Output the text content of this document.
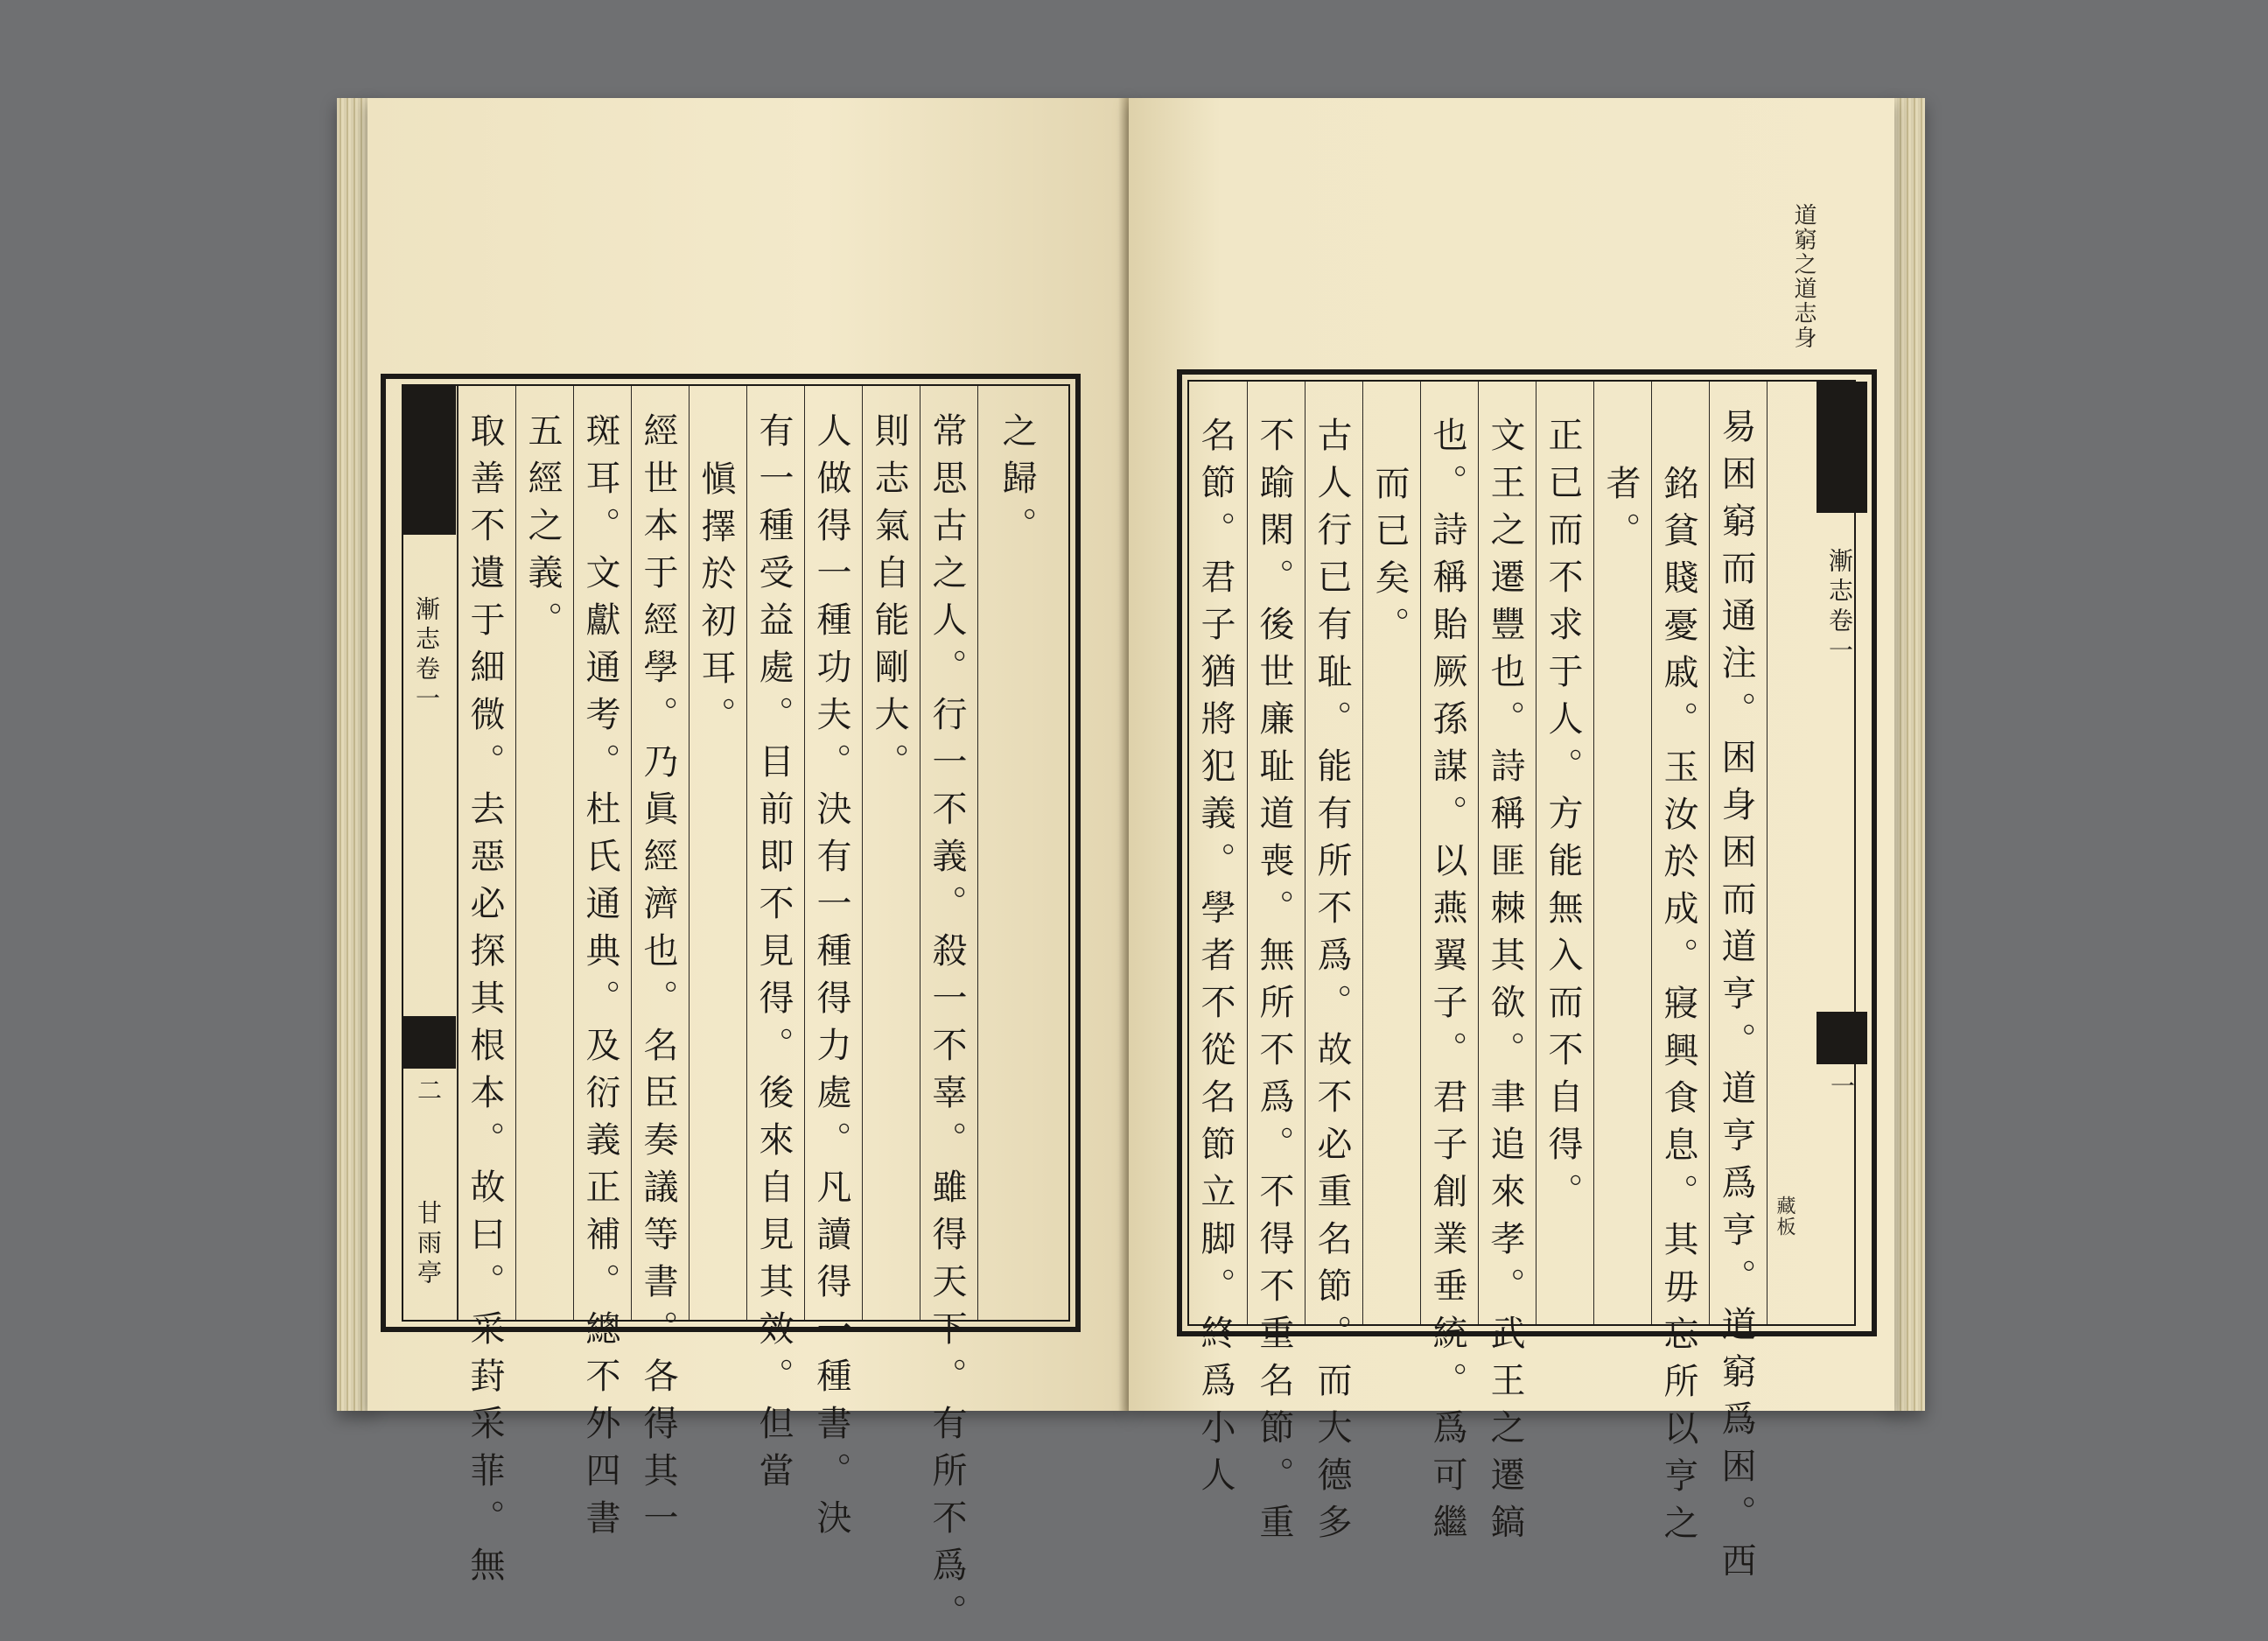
漸志卷一
二
甘雨亭 取善不遺于細微。去惡必探其根本。故曰。采葑采菲。無 五經之義。 斑耳。文獻通考。杜氏通典。及衍義正補。總不外四書 經世本于經學。乃眞經濟也。名臣奏議等書。各得其一 愼擇於初耳。 有一種受益處。目前即不見得。後來自見其效。但當 人做得一種功夫。決有一種得力處。凡讀得一種書。決 則志氣自能剛大。 常思古之人。行一不義。殺一不辜。雖得天下。有所不爲。 之歸。
道窮之道志身
名節。君子猶將犯義。學者不從名節立脚。終爲小人 不踰閑。後世廉耻道喪。無所不爲。不得不重名節。重 古人行已有耻。能有所不爲。故不必重名節。而大德多 而已矣。 也。詩稱貽厥孫謀。以燕翼子。君子創業垂統。爲可繼 文王之遷豐也。詩稱匪棘其欲。聿追來孝。武王之遷鎬 正已而不求于人。方能無入而不自得。 者。 銘貧賤憂戚。玉汝於成。寢興食息。其毋忘所以亨之 易困窮而通注。困身困而道亨。道亨爲亨。道窮爲困。西	漸志卷一
一
藏板
